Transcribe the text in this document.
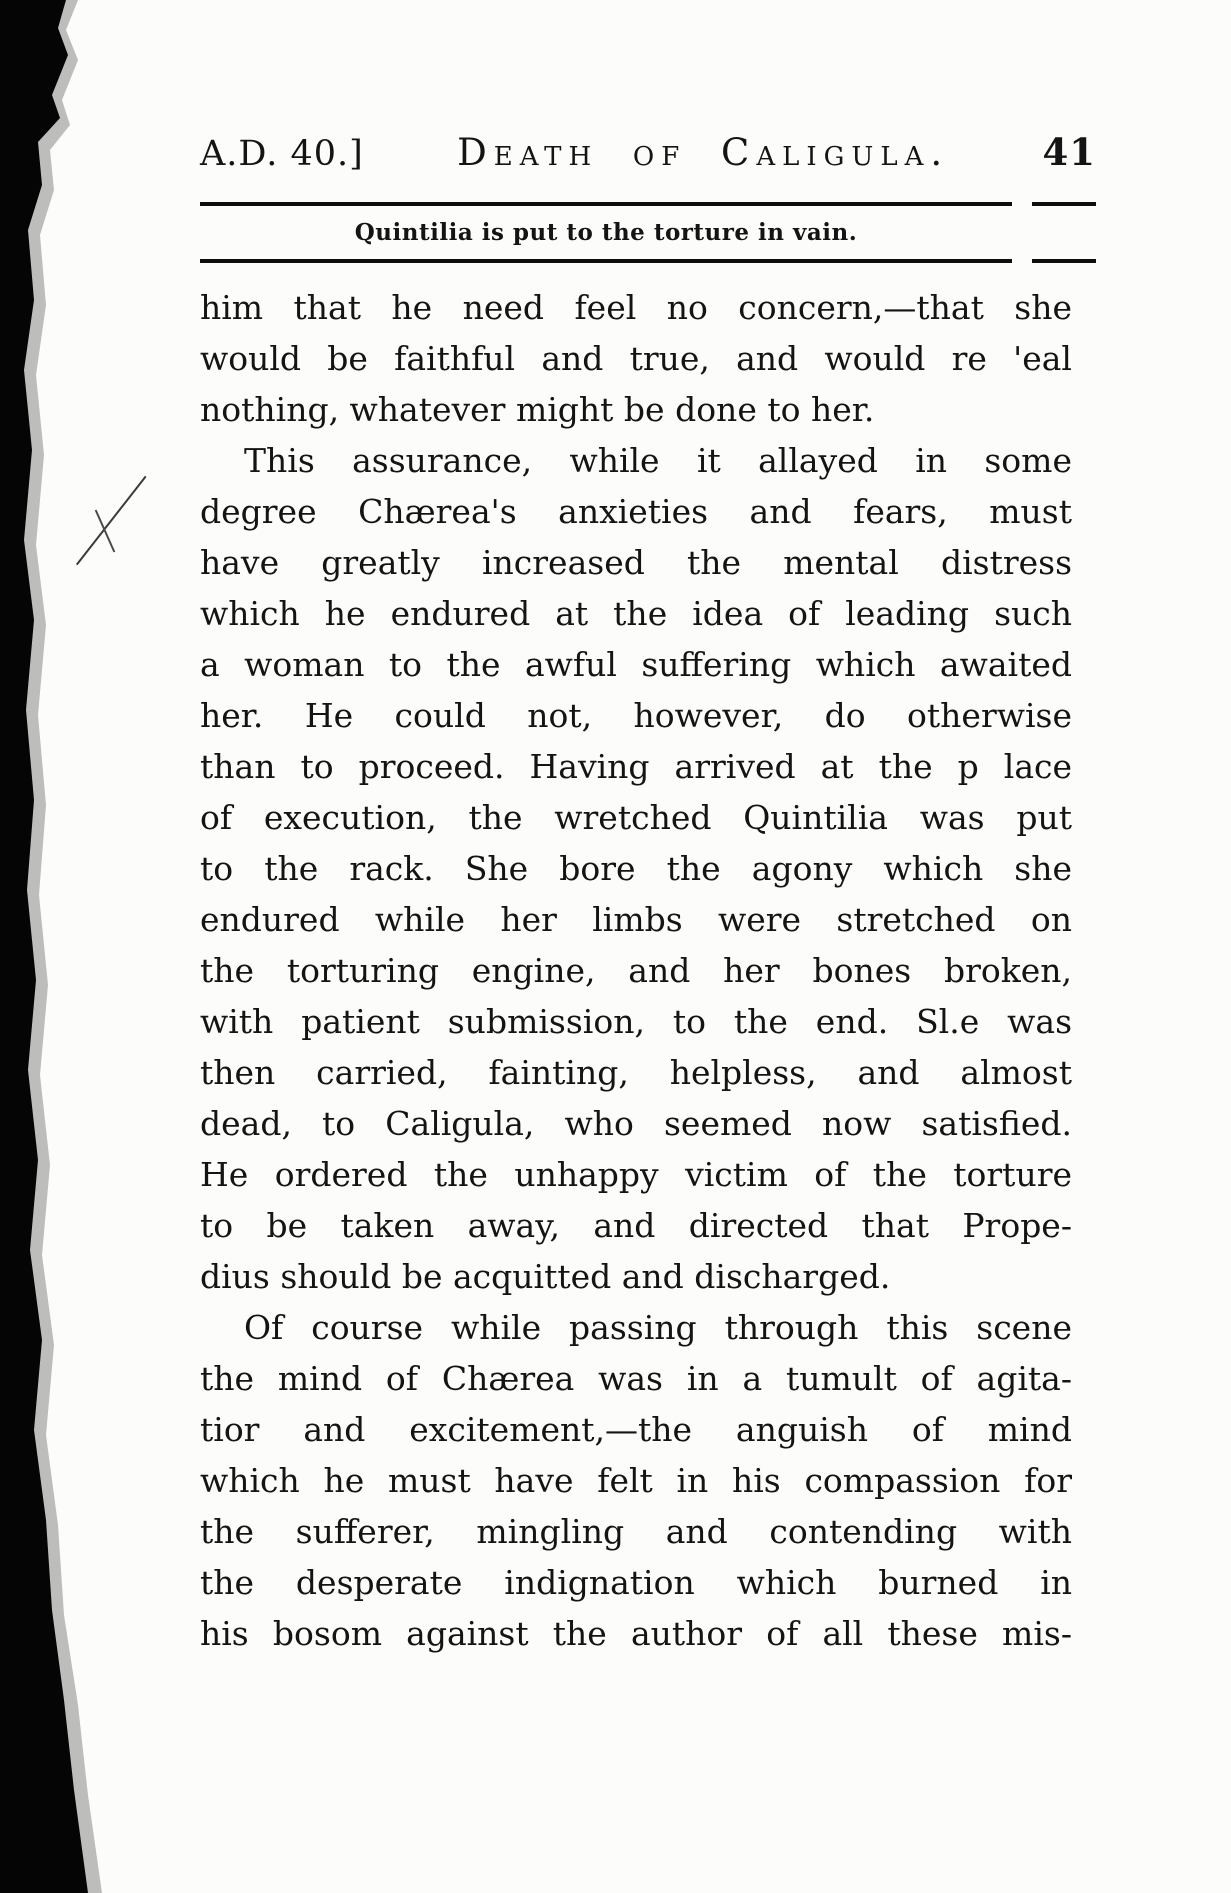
A.D. 40.]	Death of Caligula.	41
Quintilia is put to the torture in vain.
him that he need feel no concern,—that she
would be faithful and true, and would re 'eal
nothing, whatever might be done to her.
This assurance, while it allayed in some
degree Chærea's anxieties and fears, must
have greatly increased the mental distress
which he endured at the idea of leading such
a woman to the awful suffering which awaited
her. He could not, however, do otherwise
than to proceed. Having arrived at the p lace
of execution, the wretched Quintilia was put
to the rack. She bore the agony which she
endured while her limbs were stretched on
the torturing engine, and her bones broken,
with patient submission, to the end. Sl.e was
then carried, fainting, helpless, and almost
dead, to Caligula, who seemed now satisfied.
He ordered the unhappy victim of the torture
to be taken away, and directed that Prope-
dius should be acquitted and discharged.
Of course while passing through this scene
the mind of Chærea was in a tumult of agita-
tior and excitement,—the anguish of mind
which he must have felt in his compassion for
the sufferer, mingling and contending with
the desperate indignation which burned in
his bosom against the author of all these mis-
